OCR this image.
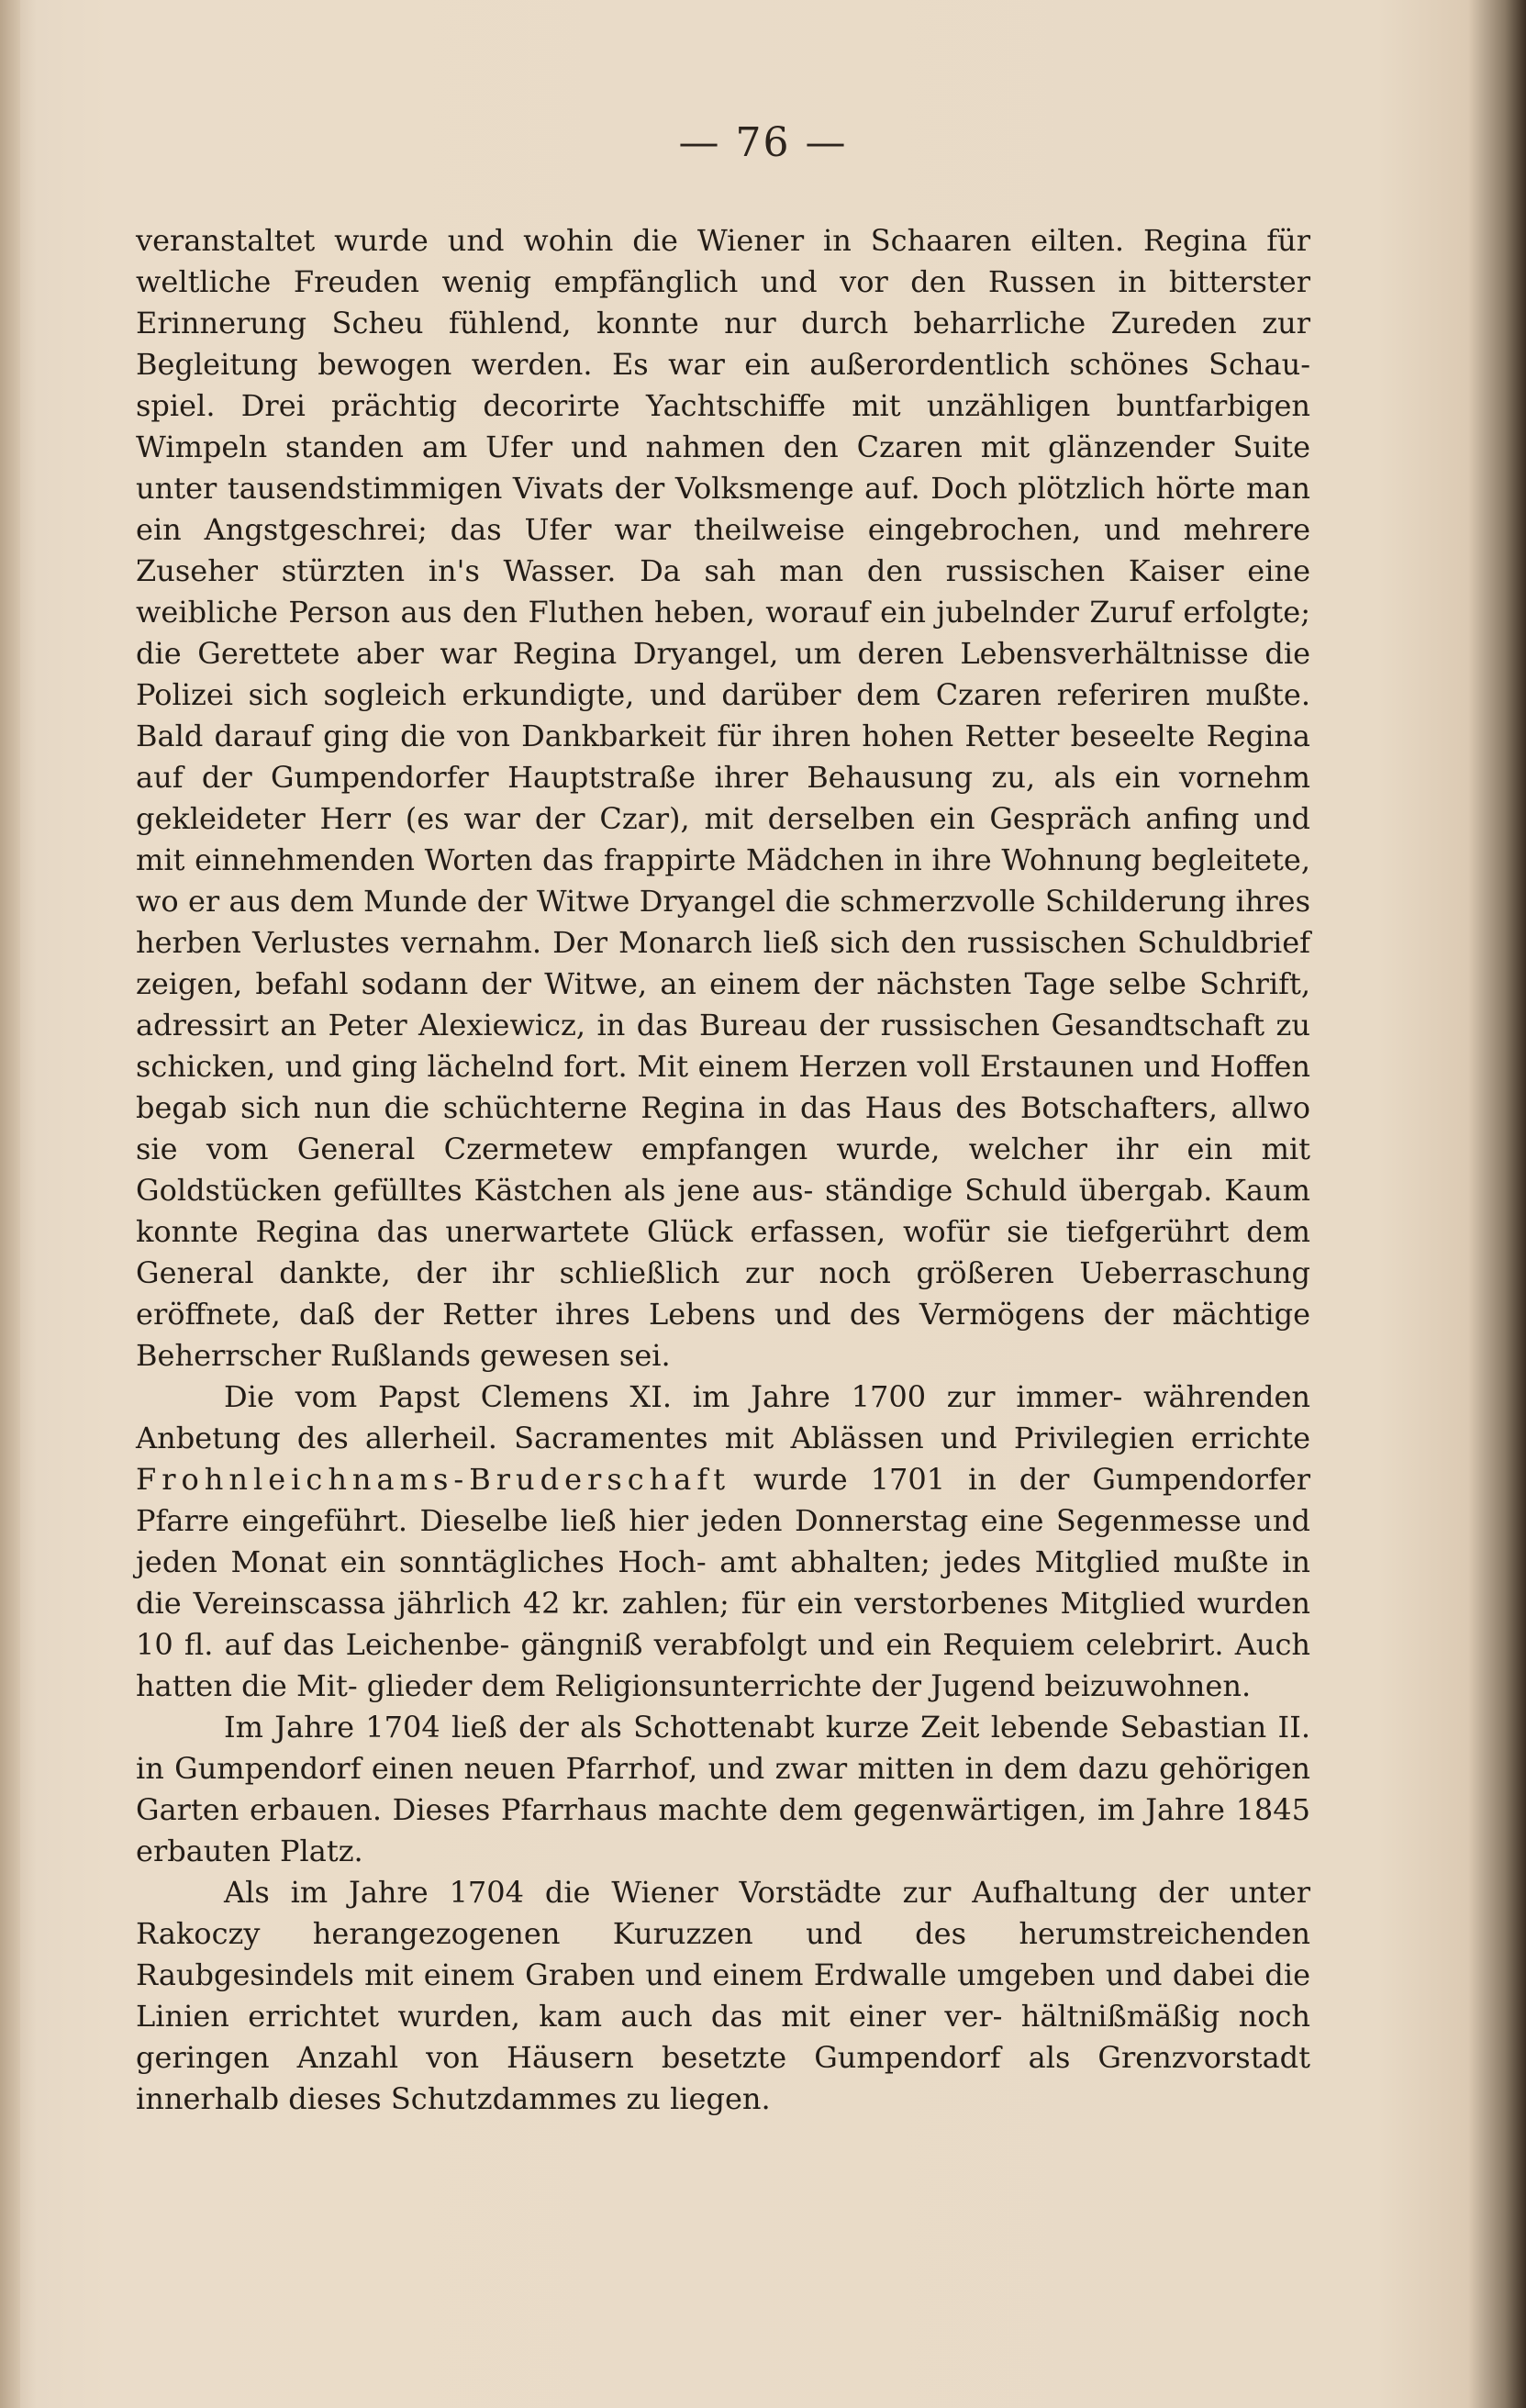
— 76 —

veranstaltet wurde und wohin die Wiener in Schaaren eilten. Regina für weltliche Freuden wenig empfänglich und vor den Russen in bitterster Erinnerung Scheu fühlend, konnte nur durch beharrliche Zureden zur Begleitung bewogen werden. Es war ein außerordentlich schönes Schau- spiel. Drei prächtig decorirte Yachtschiffe mit unzähligen buntfarbigen Wimpeln standen am Ufer und nahmen den Czaren mit glänzender Suite unter tausendstimmigen Vivats der Volksmenge auf. Doch plötzlich hörte man ein Angstgeschrei; das Ufer war theilweise eingebrochen, und mehrere Zuseher stürzten in's Wasser. Da sah man den russischen Kaiser eine weibliche Person aus den Fluthen heben, worauf ein jubelnder Zuruf erfolgte; die Gerettete aber war Regina Dryangel, um deren Lebensverhältnisse die Polizei sich sogleich erkundigte, und darüber dem Czaren referiren mußte. Bald darauf ging die von Dankbarkeit für ihren hohen Retter beseelte Regina auf der Gumpendorfer Hauptstraße ihrer Behausung zu, als ein vornehm gekleideter Herr (es war der Czar), mit derselben ein Gespräch anfing und mit einnehmenden Worten das frappirte Mädchen in ihre Wohnung begleitete, wo er aus dem Munde der Witwe Dryangel die schmerzvolle Schilderung ihres herben Verlustes vernahm. Der Monarch ließ sich den russischen Schuldbrief zeigen, befahl sodann der Witwe, an einem der nächsten Tage selbe Schrift, adressirt an Peter Alexiewicz, in das Bureau der russischen Gesandtschaft zu schicken, und ging lächelnd fort. Mit einem Herzen voll Erstaunen und Hoffen begab sich nun die schüchterne Regina in das Haus des Botschafters, allwo sie vom General Czermetew empfangen wurde, welcher ihr ein mit Goldstücken gefülltes Kästchen als jene aus- ständige Schuld übergab. Kaum konnte Regina das unerwartete Glück erfassen, wofür sie tiefgerührt dem General dankte, der ihr schließlich zur noch größeren Ueberraschung eröffnete, daß der Retter ihres Lebens und des Vermögens der mächtige Beherrscher Rußlands gewesen sei.

Die vom Papst Clemens XI. im Jahre 1700 zur immer- währenden Anbetung des allerheil. Sacramentes mit Ablässen und Privilegien errichte Frohnleichnams-Bruderschaft wurde 1701 in der Gumpendorfer Pfarre eingeführt. Dieselbe ließ hier jeden Donnerstag eine Segenmesse und jeden Monat ein sonntägliches Hoch- amt abhalten; jedes Mitglied mußte in die Vereinscassa jährlich 42 kr. zahlen; für ein verstorbenes Mitglied wurden 10 fl. auf das Leichenbe- gängniß verabfolgt und ein Requiem celebrirt. Auch hatten die Mit- glieder dem Religionsunterrichte der Jugend beizuwohnen.

Im Jahre 1704 ließ der als Schottenabt kurze Zeit lebende Sebastian II. in Gumpendorf einen neuen Pfarrhof, und zwar mitten in dem dazu gehörigen Garten erbauen. Dieses Pfarrhaus machte dem gegenwärtigen, im Jahre 1845 erbauten Platz.

Als im Jahre 1704 die Wiener Vorstädte zur Aufhaltung der unter Rakoczy herangezogenen Kuruzzen und des herumstreichenden Raubgesindels mit einem Graben und einem Erdwalle umgeben und dabei die Linien errichtet wurden, kam auch das mit einer ver- hältnißmäßig noch geringen Anzahl von Häusern besetzte Gumpendorf als Grenzvorstadt innerhalb dieses Schutzdammes zu liegen.
